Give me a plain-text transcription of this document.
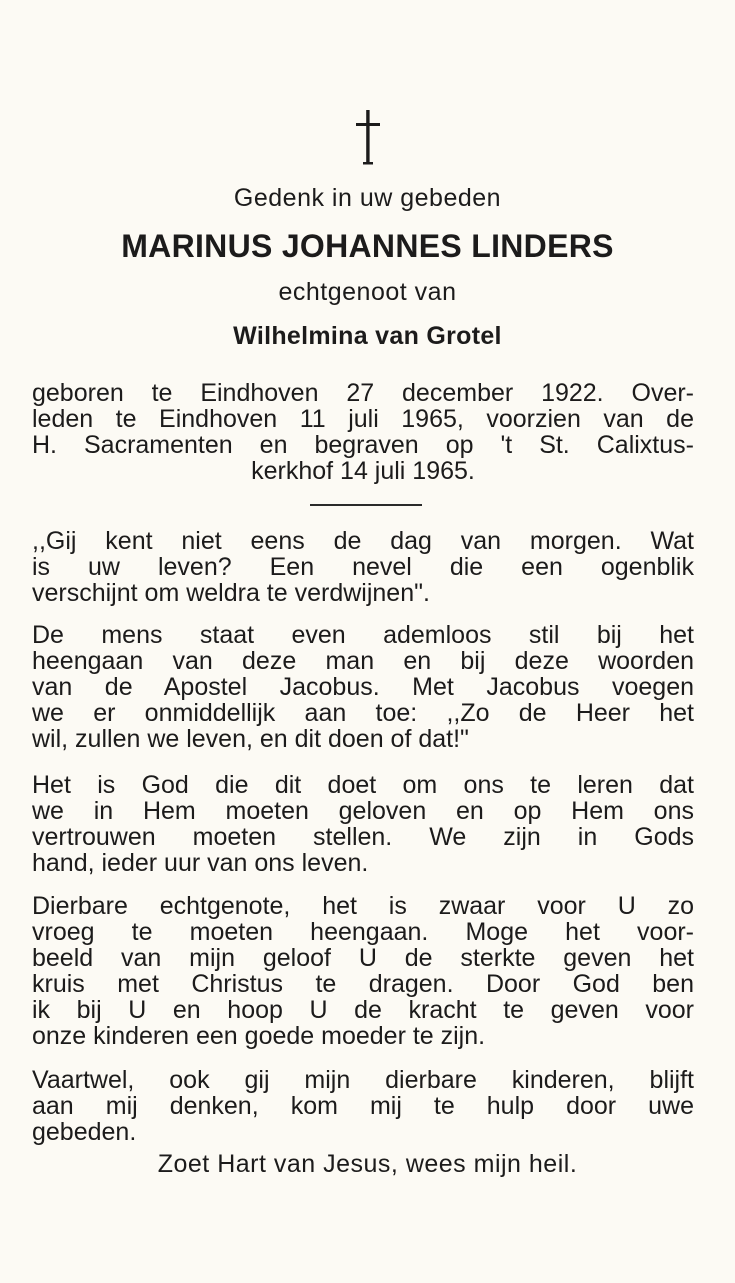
Gedenk in uw gebeden
MARINUS JOHANNES LINDERS
echtgenoot van
Wilhelmina van Grotel
geboren te Eindhoven 27 december 1922. Over-
leden te Eindhoven 11 juli 1965, voorzien van de
H. Sacramenten en begraven op 't St. Calixtus-
kerkhof 14 juli 1965.
,,Gij kent niet eens de dag van morgen. Wat
is uw leven? Een nevel die een ogenblik
verschijnt om weldra te verdwijnen".
De mens staat even ademloos stil bij het
heengaan van deze man en bij deze woorden
van de Apostel Jacobus. Met Jacobus voegen
we er onmiddellijk aan toe: ,,Zo de Heer het
wil, zullen we leven, en dit doen of dat!"
Het is God die dit doet om ons te leren dat
we in Hem moeten geloven en op Hem ons
vertrouwen moeten stellen. We zijn in Gods
hand, ieder uur van ons leven.
Dierbare echtgenote, het is zwaar voor U zo
vroeg te moeten heengaan. Moge het voor-
beeld van mijn geloof U de sterkte geven het
kruis met Christus te dragen. Door God ben
ik bij U en hoop U de kracht te geven voor
onze kinderen een goede moeder te zijn.
Vaartwel, ook gij mijn dierbare kinderen, blijft
aan mij denken, kom mij te hulp door uwe
gebeden.
Zoet Hart van Jesus, wees mijn heil.
